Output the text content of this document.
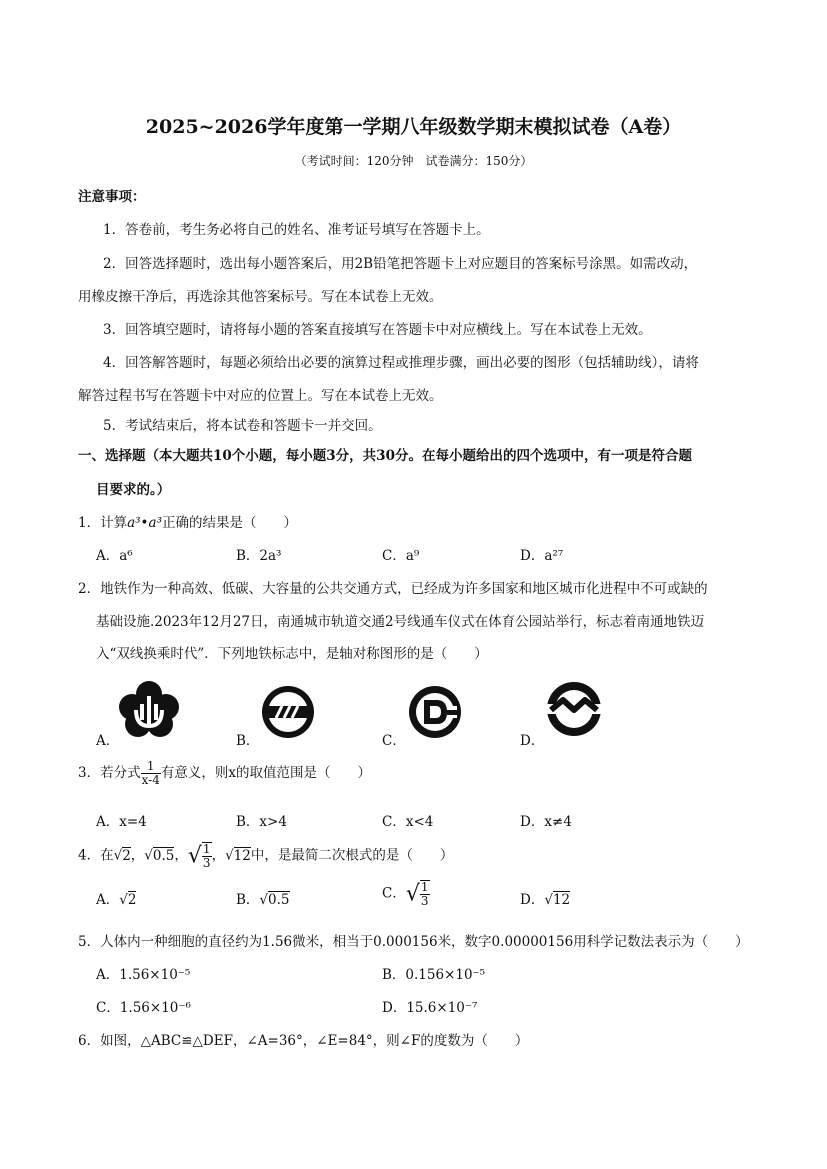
2025~2026学年度第一学期八年级数学期末模拟试卷（A卷）
（考试时间：120分钟　试卷满分：150分）
注意事项：
1．答卷前，考生务必将自己的姓名、准考证号填写在答题卡上。
2．回答选择题时，选出每小题答案后，用2B铅笔把答题卡上对应题目的答案标号涂黑。如需改动，
用橡皮擦干净后，再选涂其他答案标号。写在本试卷上无效。
3．回答填空题时，请将每小题的答案直接填写在答题卡中对应横线上。写在本试卷上无效。
4．回答解答题时，每题必须给出必要的演算过程或推理步骤，画出必要的图形（包括辅助线），请将
解答过程书写在答题卡中对应的位置上。写在本试卷上无效。
5．考试结束后，将本试卷和答题卡一并交回。
一、选择题（本大题共10个小题，每小题3分，共30分。在每小题给出的四个选项中，有一项是符合题
目要求的。）
1．计算a³•a³正确的结果是（　　）
A．a⁶	B．2a³	C．a⁹	D．a²⁷
2．地铁作为一种高效、低碳、大容量的公共交通方式，已经成为许多国家和地区城市化进程中不可或缺的
基础设施.2023年12月27日，南通城市轨道交通2号线通车仪式在体育公园站举行，标志着南通地铁迈
入“双线换乘时代”．下列地铁标志中，是轴对称图形的是（　　）
A．	B．	C．	D．
3．若分式 $\frac{1}{x-4}$ 有意义，则x的取值范围是（　　）
A．x=4	B．x>4	C．x<4	D．x≠4
4．在√2，√0.5，√ $\frac{1}{3}$ ，√12中，是最简二次根式的是（　　）
A．√2	B．√0.5	C．√ $\frac{1}{3}$	D．√12
5．人体内一种细胞的直径约为1.56微米，相当于0.000156米，数字0.00000156用科学记数法表示为（　　）
A．1.56×10⁻⁵	B．0.156×10⁻⁵
C．1.56×10⁻⁶	D．15.6×10⁻⁷
6．如图，△ABC≌△DEF，∠A=36°，∠E=84°，则∠F的度数为（　　）
